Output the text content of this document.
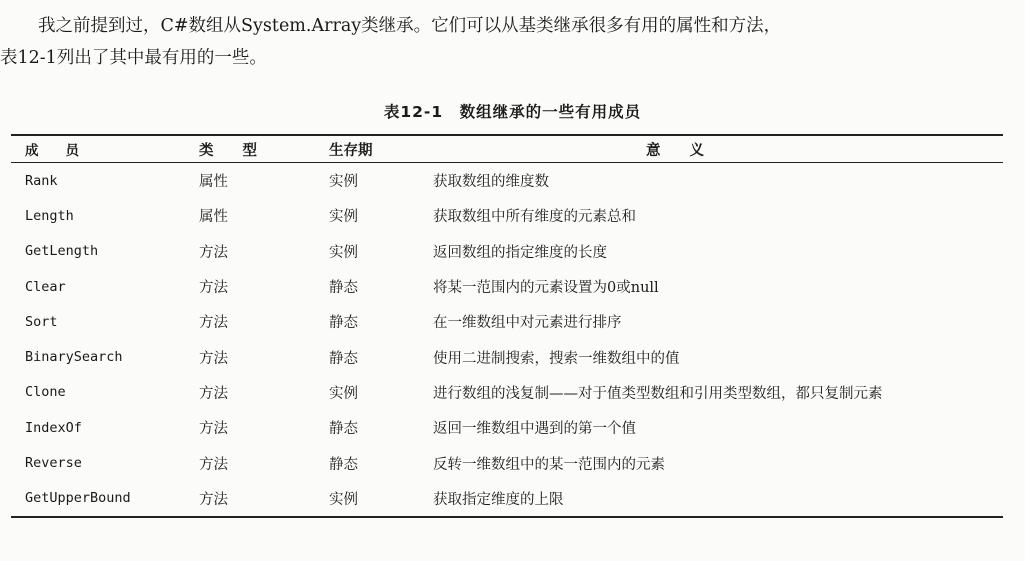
我之前提到过，C#数组从System.Array类继承。它们可以从基类继承很多有用的属性和方法，
表12-1列出了其中最有用的一些。
表12-1　数组继承的一些有用成员
成　　员	类　　型	生存期	意　　义
Rank	属性	实例	获取数组的维度数
Length	属性	实例	获取数组中所有维度的元素总和
GetLength	方法	实例	返回数组的指定维度的长度
Clear	方法	静态	将某一范围内的元素设置为0或null
Sort	方法	静态	在一维数组中对元素进行排序
BinarySearch	方法	静态	使用二进制搜索，搜索一维数组中的值
Clone	方法	实例	进行数组的浅复制——对于值类型数组和引用类型数组，都只复制元素
IndexOf	方法	静态	返回一维数组中遇到的第一个值
Reverse	方法	静态	反转一维数组中的某一范围内的元素
GetUpperBound	方法	实例	获取指定维度的上限
